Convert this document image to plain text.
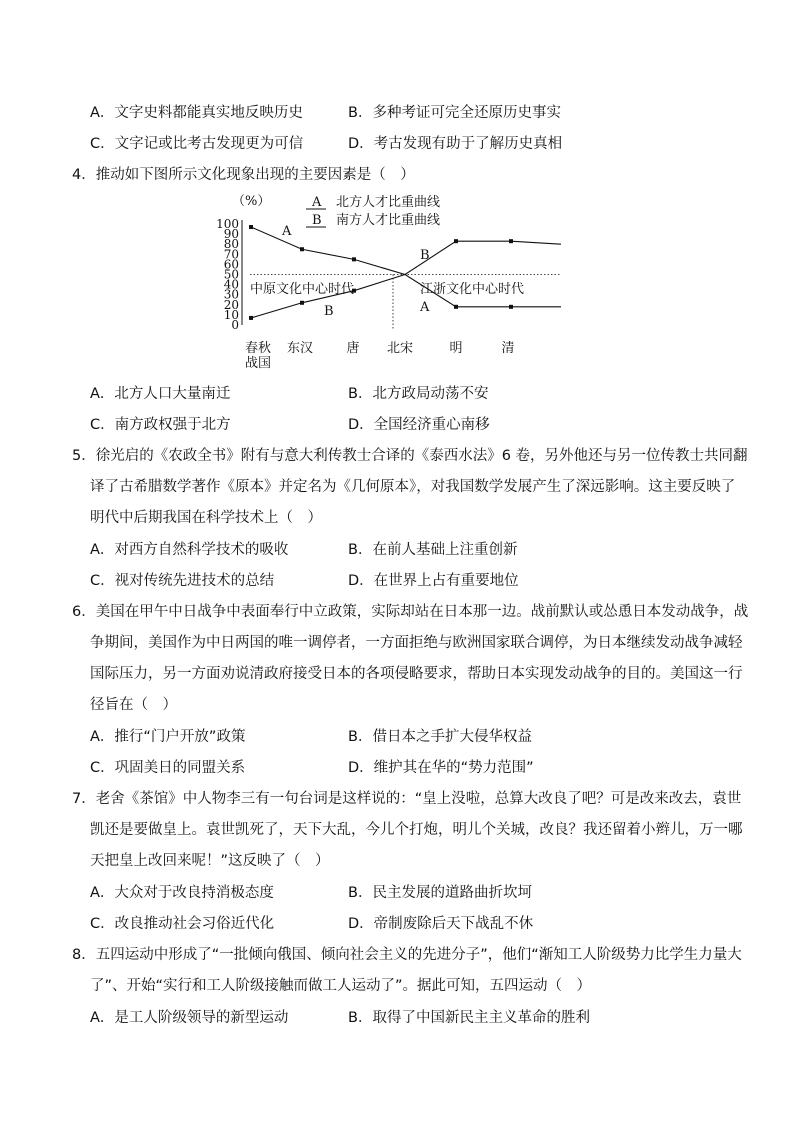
A．文字史料都能真实地反映历史	B．多种考证可完全还原历史事实
C．文字记或比考古发现更为可信	D．考古发现有助于了解历史真相
4．推动如下图所示文化现象出现的主要因素是（　）
（%）
0
10
20
30
40
50
60
70
80
90
100
春秋 东汉	唐 北宋	明	清
战国
A 北方人才比重曲线
B 南方人才比重曲线
A
B
B
A
中原文化中心时代	江浙文化中心时代
A．北方人口大量南迁	B．北方政局动荡不安
C．南方政权强于北方	D．全国经济重心南移
5．徐光启的《农政全书》附有与意大利传教士合译的《泰西水法》6 卷，另外他还与另一位传教士共同翻
译了古希腊数学著作《原本》并定名为《几何原本》，对我国数学发展产生了深远影响。这主要反映了
明代中后期我国在科学技术上（　）
A．对西方自然科学技术的吸收	B．在前人基础上注重创新
C．视对传统先进技术的总结	D．在世界上占有重要地位
6．美国在甲午中日战争中表面奉行中立政策，实际却站在日本那一边。战前默认或怂恿日本发动战争，战
争期间，美国作为中日两国的唯一调停者，一方面拒绝与欧洲国家联合调停，为日本继续发动战争减轻
国际压力，另一方面劝说清政府接受日本的各项侵略要求，帮助日本实现发动战争的目的。美国这一行
径旨在（　）
A．推行“门户开放”政策	B．借日本之手扩大侵华权益
C．巩固美日的同盟关系	D．维护其在华的“势力范围”
7．老舍《茶馆》中人物李三有一句台词是这样说的：“皇上没啦，总算大改良了吧？可是改来改去，袁世
凯还是要做皇上。袁世凯死了，天下大乱，今儿个打炮，明儿个关城，改良？我还留着小辫儿，万一哪
天把皇上改回来呢！”这反映了（　）
A．大众对于改良持消极态度	B．民主发展的道路曲折坎坷
C．改良推动社会习俗近代化	D．帝制废除后天下战乱不休
8．五四运动中形成了“一批倾向俄国、倾向社会主义的先进分子”，他们“渐知工人阶级势力比学生力量大
了”、开始“实行和工人阶级接触而做工人运动了”。据此可知，五四运动（　）
A．是工人阶级领导的新型运动	B．取得了中国新民主主义革命的胜利
